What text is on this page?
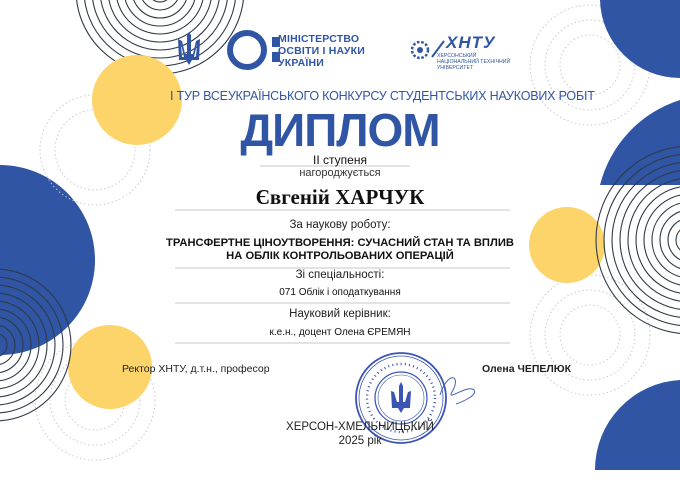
МІНІСТЕРСТВО
ОСВІТИ І НАУКИ
УКРАЇНИ
ХНТУ
ХЕРСОНСЬКИЙ
НАЦІОНАЛЬНИЙ ТЕХНІЧНИЙ
УНІВЕРСИТЕТ
І ТУР ВСЕУКРАЇНСЬКОГО КОНКУРСУ СТУДЕНТСЬКИХ НАУКОВИХ РОБІТ
ДИПЛОМ
ІІ ступеня
нагороджується
Євгеній ХАРЧУК
За наукову роботу:
ТРАНСФЕРТНЕ ЦІНОУТВОРЕННЯ: СУЧАСНИЙ СТАН ТА ВПЛИВ
НА ОБЛІК КОНТРОЛЬОВАНИХ ОПЕРАЦІЙ
Зі спеціальності:
071 Облік і оподаткування
Науковий керівник:
к.е.н., доцент Олена ЄРЕМЯН
Ректор ХНТУ, д.т.н., професор	Олена ЧЕПЕЛЮК
ХЕРСОН-ХМЕЛЬНИЦЬКИЙ
2025 рік
